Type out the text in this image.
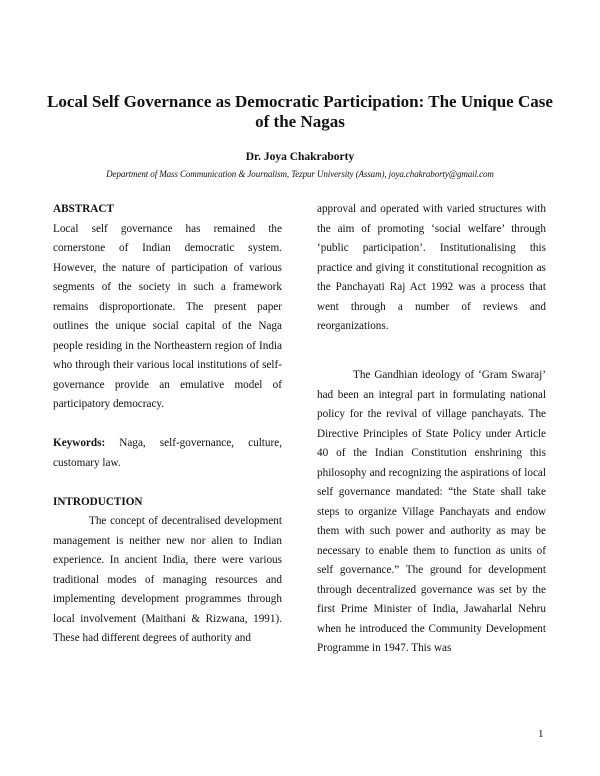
Local Self Governance as Democratic Participation: The Unique Case of the Nagas
Dr. Joya Chakraborty
Department of Mass Communication & Journalism, Tezpur University (Assam), joya.chakraborty@gmail.com
ABSTRACT

Local self governance has remained the cornerstone of Indian democratic system. However, the nature of participation of various segments of the society in such a framework remains disproportionate. The present paper outlines the unique social capital of the Naga people residing in the Northeastern region of India who through their various local institutions of self-governance provide an emulative model of participatory democracy.

Keywords: Naga, self-governance, culture, customary law.

INTRODUCTION

The concept of decentralised development management is neither new nor alien to Indian experience. In ancient India, there were various traditional modes of managing resources and implementing development programmes through local involvement (Maithani & Rizwana, 1991). These had different degrees of authority and

approval and operated with varied structures with the aim of promoting ‘social welfare’ through ‘public participation’. Institutionalising this practice and giving it constitutional recognition as the Panchayati Raj Act 1992 was a process that went through a number of reviews and reorganizations.

The Gandhian ideology of ‘Gram Swaraj’ had been an integral part in formulating national policy for the revival of village panchayats. The Directive Principles of State Policy under Article 40 of the Indian Constitution enshrining this philosophy and recognizing the aspirations of local self governance mandated: “the State shall take steps to organize Village Panchayats and endow them with such power and authority as may be necessary to enable them to function as units of self governance.” The ground for development through decentralized governance was set by the first Prime Minister of India, Jawaharlal Nehru when he introduced the Community Development Programme in 1947. This was

1
